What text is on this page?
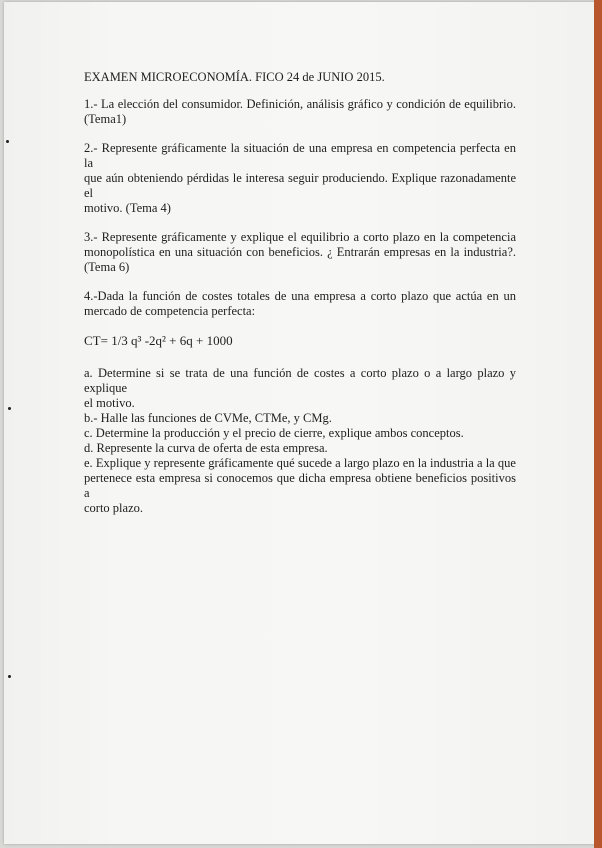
EXAMEN MICROECONOMÍA. FICO 24 de JUNIO 2015.
1.- La elección del consumidor. Definición, análisis gráfico y condición de equilibrio.
(Tema1)
2.- Represente gráficamente la situación de una empresa en competencia perfecta en la
que aún obteniendo pérdidas le interesa seguir produciendo. Explique razonadamente el
motivo. (Tema 4)
3.- Represente gráficamente y explique el equilibrio a corto plazo en la competencia
monopolística en una situación con beneficios. ¿ Entrarán empresas en la industria?.
(Tema 6)
4.-Dada la función de costes totales de una empresa a corto plazo que actúa en un
mercado de competencia perfecta:
CT= 1/3 q³ -2q² + 6q + 1000
a. Determine si se trata de una función de costes a corto plazo o a largo plazo y explique
el motivo.
b.- Halle las funciones de CVMe, CTMe, y CMg.
c. Determine la producción y el precio de cierre, explique ambos conceptos.
d. Represente la curva de oferta de esta empresa.
e. Explique y represente gráficamente qué sucede a largo plazo en la industria a la que
pertenece esta empresa si conocemos que dicha empresa obtiene beneficios positivos a
corto plazo.
